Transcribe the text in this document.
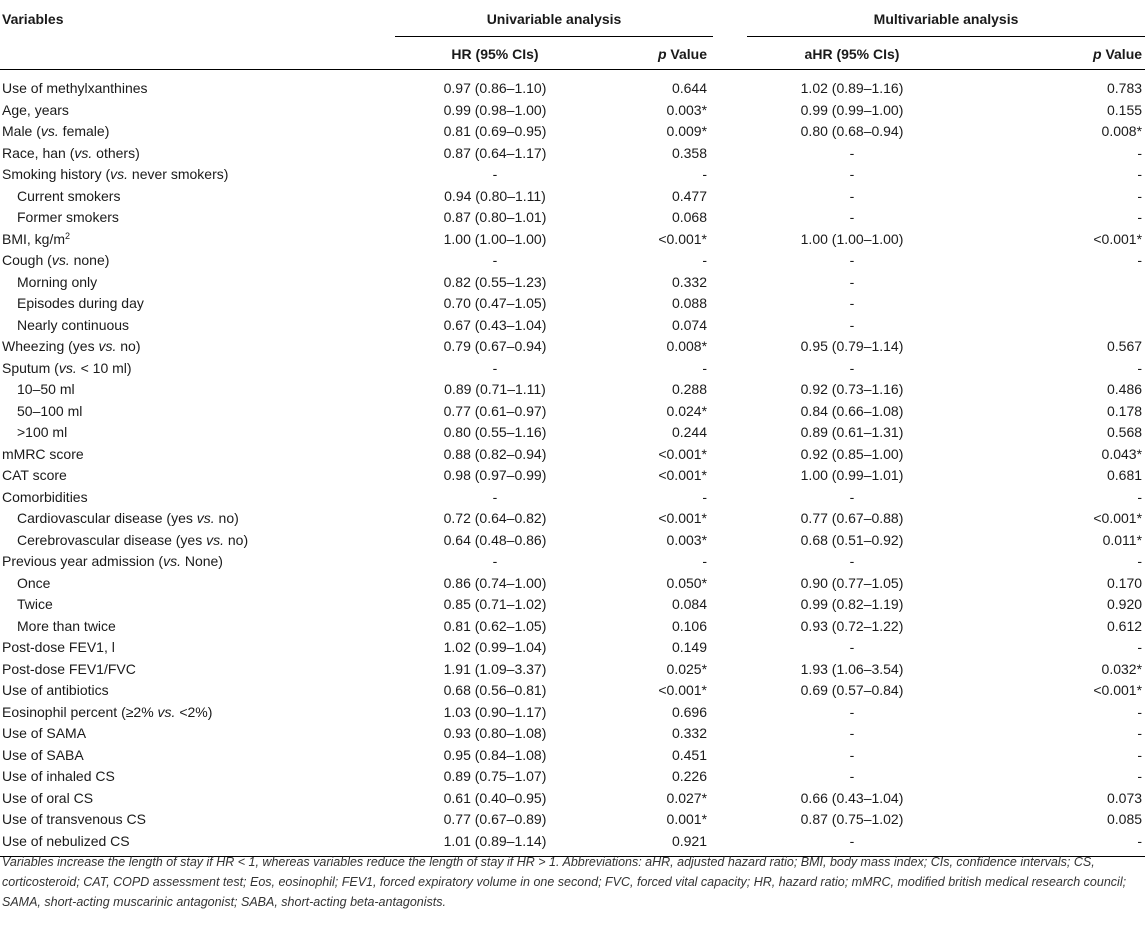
Variables	Univariable analysis			Multivariable analysis	

	HR (95% CIs)	p Value		aHR (95% CIs)	p Value
Use of methylxanthines	0.97 (0.86–1.10)	0.644		1.02 (0.89–1.16)	0.783
Age, years	0.99 (0.98–1.00)	0.003*		0.99 (0.99–1.00)	0.155
Male (vs. female)	0.81 (0.69–0.95)	0.009*		0.80 (0.68–0.94)	0.008*
Race, han (vs. others)	0.87 (0.64–1.17)	0.358		-	-
Smoking history (vs. never smokers)	-	-		-	-
Current smokers	0.94 (0.80–1.11)	0.477		-	-
Former smokers	0.87 (0.80–1.01)	0.068		-	-
BMI, $kg/m^2$	1.00 (1.00–1.00)	<0.001*		1.00 (1.00–1.00)	<0.001*
Cough (vs. none)	-	-		-	-
Morning only	0.82 (0.55–1.23)	0.332		-	
Episodes during day	0.70 (0.47–1.05)	0.088		-	
Nearly continuous	0.67 (0.43–1.04)	0.074		-	
Wheezing (yes vs. no)	0.79 (0.67–0.94)	0.008*		0.95 (0.79–1.14)	0.567
Sputum (vs. < 10 ml)	-	-		-	-
10–50 ml	0.89 (0.71–1.11)	0.288		0.92 (0.73–1.16)	0.486
50–100 ml	0.77 (0.61–0.97)	0.024*		0.84 (0.66–1.08)	0.178
>100 ml	0.80 (0.55–1.16)	0.244		0.89 (0.61–1.31)	0.568
mMRC score	0.88 (0.82–0.94)	<0.001*		0.92 (0.85–1.00)	0.043*
CAT score	0.98 (0.97–0.99)	<0.001*		1.00 (0.99–1.01)	0.681
Comorbidities	-	-		-	-
Cardiovascular disease (yes vs. no)	0.72 (0.64–0.82)	<0.001*		0.77 (0.67–0.88)	<0.001*
Cerebrovascular disease (yes vs. no)	0.64 (0.48–0.86)	0.003*		0.68 (0.51–0.92)	0.011*
Previous year admission (vs. None)	-	-		-	-
Once	0.86 (0.74–1.00)	0.050*		0.90 (0.77–1.05)	0.170
Twice	0.85 (0.71–1.02)	0.084		0.99 (0.82–1.19)	0.920
More than twice	0.81 (0.62–1.05)	0.106		0.93 (0.72–1.22)	0.612
Post-dose FEV1, l	1.02 (0.99–1.04)	0.149		-	-
Post-dose FEV1/FVC	1.91 (1.09–3.37)	0.025*		1.93 (1.06–3.54)	0.032*
Use of antibiotics	0.68 (0.56–0.81)	<0.001*		0.69 (0.57–0.84)	<0.001*
Eosinophil percent (≥2% vs. <2%)	1.03 (0.90–1.17)	0.696		-	-
Use of SAMA	0.93 (0.80–1.08)	0.332		-	-
Use of SABA	0.95 (0.84–1.08)	0.451		-	-
Use of inhaled CS	0.89 (0.75–1.07)	0.226		-	-
Use of oral CS	0.61 (0.40–0.95)	0.027*		0.66 (0.43–1.04)	0.073
Use of transvenous CS	0.77 (0.67–0.89)	0.001*		0.87 (0.75–1.02)	0.085
Use of nebulized CS	1.01 (0.89–1.14)	0.921		-	-
Variables increase the length of stay if HR < 1, whereas variables reduce the length of stay if HR > 1. Abbreviations: aHR, adjusted hazard ratio; BMI, body mass index; CIs, confidence intervals; CS, corticosteroid; CAT, COPD assessment test; Eos, eosinophil; FEV1, forced expiratory volume in one second; FVC, forced vital capacity; HR, hazard ratio; mMRC, modified british medical research council; SAMA, short-acting muscarinic antagonist; SABA, short-acting beta-antagonists.
